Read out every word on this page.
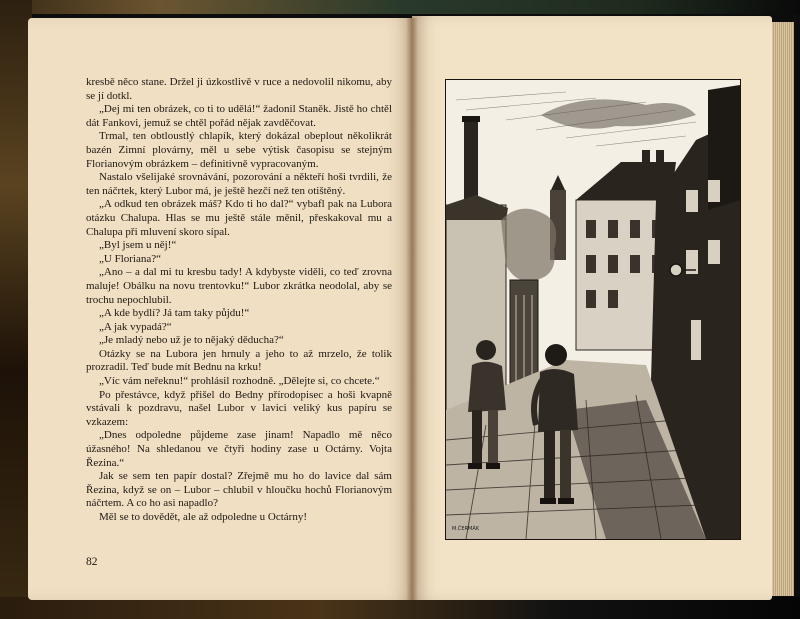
kresbě něco stane. Držel ji úzkostlivě v ruce a nedovolil nikomu, aby se jí dotkl.

„Dej mi ten obrázek, co ti to udělá!“ žadonil Staněk. Jistě ho chtěl dát Fankovi, jemuž se chtěl pořád nějak zavděčovat.

Trmal, ten obtloustlý chlapík, který dokázal obeplout několikrát bazén Zimní plovárny, měl u sebe výtisk časopisu se stejným Florianovým obrázkem – definitivně vypracovaným.

Nastalo všelijaké srovnávání, pozorování a někteří hoši tvrdili, že ten náčrtek, který Lubor má, je ještě hezčí než ten otištěný.

„A odkud ten obrázek máš? Kdo ti ho dal?“ vybafl pak na Lubora otázku Chalupa. Hlas se mu ještě stále měnil, přeskakoval mu a Chalupa při mluvení skoro sípal.

„Byl jsem u něj!“

„U Floriana?“

„Ano – a dal mi tu kresbu tady! A kdybyste viděli, co teď zrovna maluje! Obálku na novu trentovku!“ Lubor zkrátka neodolal, aby se trochu nepochlubil.

„A kde bydlí? Já tam taky půjdu!“

„A jak vypadá?“

„Je mladý nebo už je to nějaký děducha?“

Otázky se na Lubora jen hrnuly a jeho to až mrzelo, že tolik prozradil. Teď bude mít Bednu na krku!

„Víc vám neřeknu!“ prohlásil rozhodně. „Dělejte si, co chcete.“

Po přestávce, když přišel do Bedny přírodopisec a hoši kvapně vstávali k pozdravu, našel Lubor v lavici veliký kus papíru se vzkazem:

„Dnes odpoledne půjdeme zase jinam! Napadlo mě něco úžasného! Na shledanou ve čtyři hodiny zase u Octárny. Vojta Řezina.“

Jak se sem ten papír dostal? Zřejmě mu ho do lavice dal sám Řezina, když se on – Lubor – chlubil v hloučku hochů Florianovým náčrtem. A co ho asi napadlo?

Měl se to dovědět, ale až odpoledne u Octárny!

82
M.ČERMÁK
